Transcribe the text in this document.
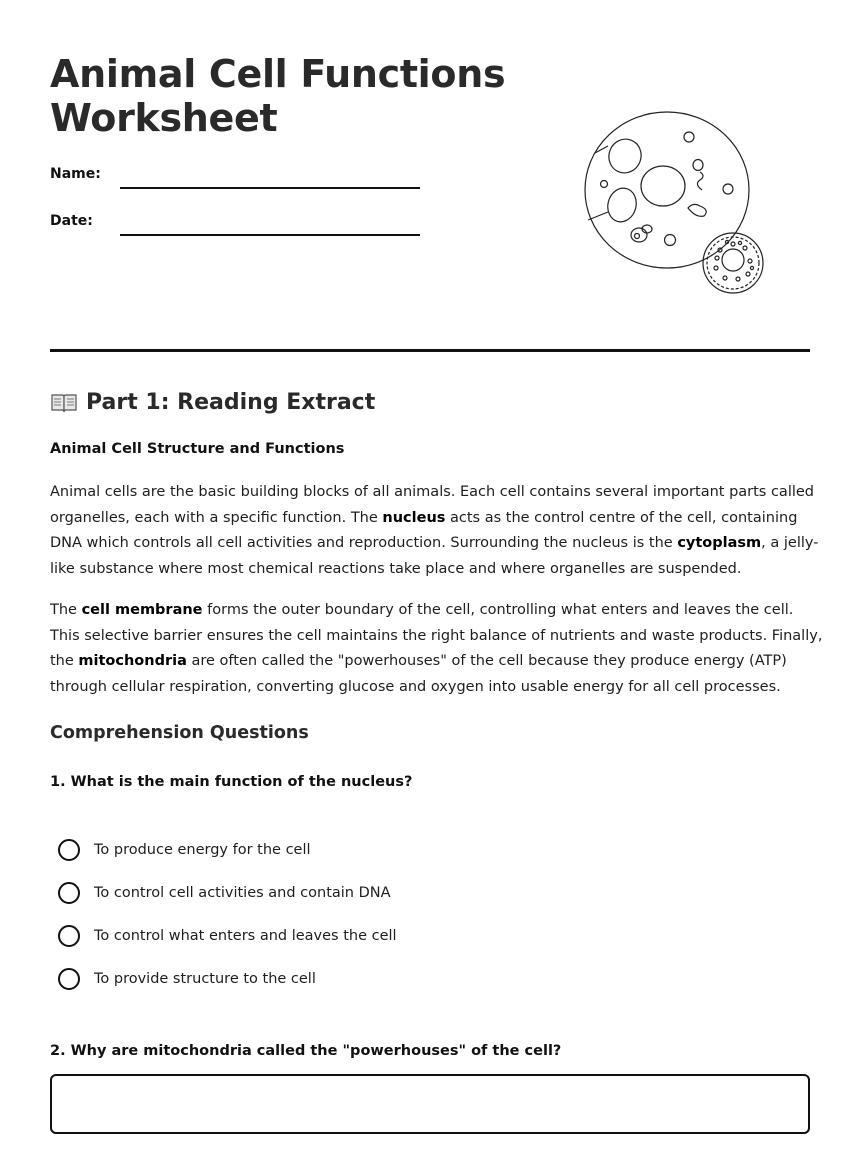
Animal Cell Functions Worksheet
Name:
Date:
Part 1: Reading Extract
Animal Cell Structure and Functions

Animal cells are the basic building blocks of all animals. Each cell contains several important parts called organelles, each with a specific function. The nucleus acts as the control centre of the cell, containing DNA which controls all cell activities and reproduction. Surrounding the nucleus is the cytoplasm, a jelly-like substance where most chemical reactions take place and where organelles are suspended.

The cell membrane forms the outer boundary of the cell, controlling what enters and leaves the cell. This selective barrier ensures the cell maintains the right balance of nutrients and waste products. Finally, the mitochondria are often called the "powerhouses" of the cell because they produce energy (ATP) through cellular respiration, converting glucose and oxygen into usable energy for all cell processes.

Comprehension Questions
1. What is the main function of the nucleus?
To produce energy for the cell
To control cell activities and contain DNA
To control what enters and leaves the cell
To provide structure to the cell
2. Why are mitochondria called the "powerhouses" of the cell?
